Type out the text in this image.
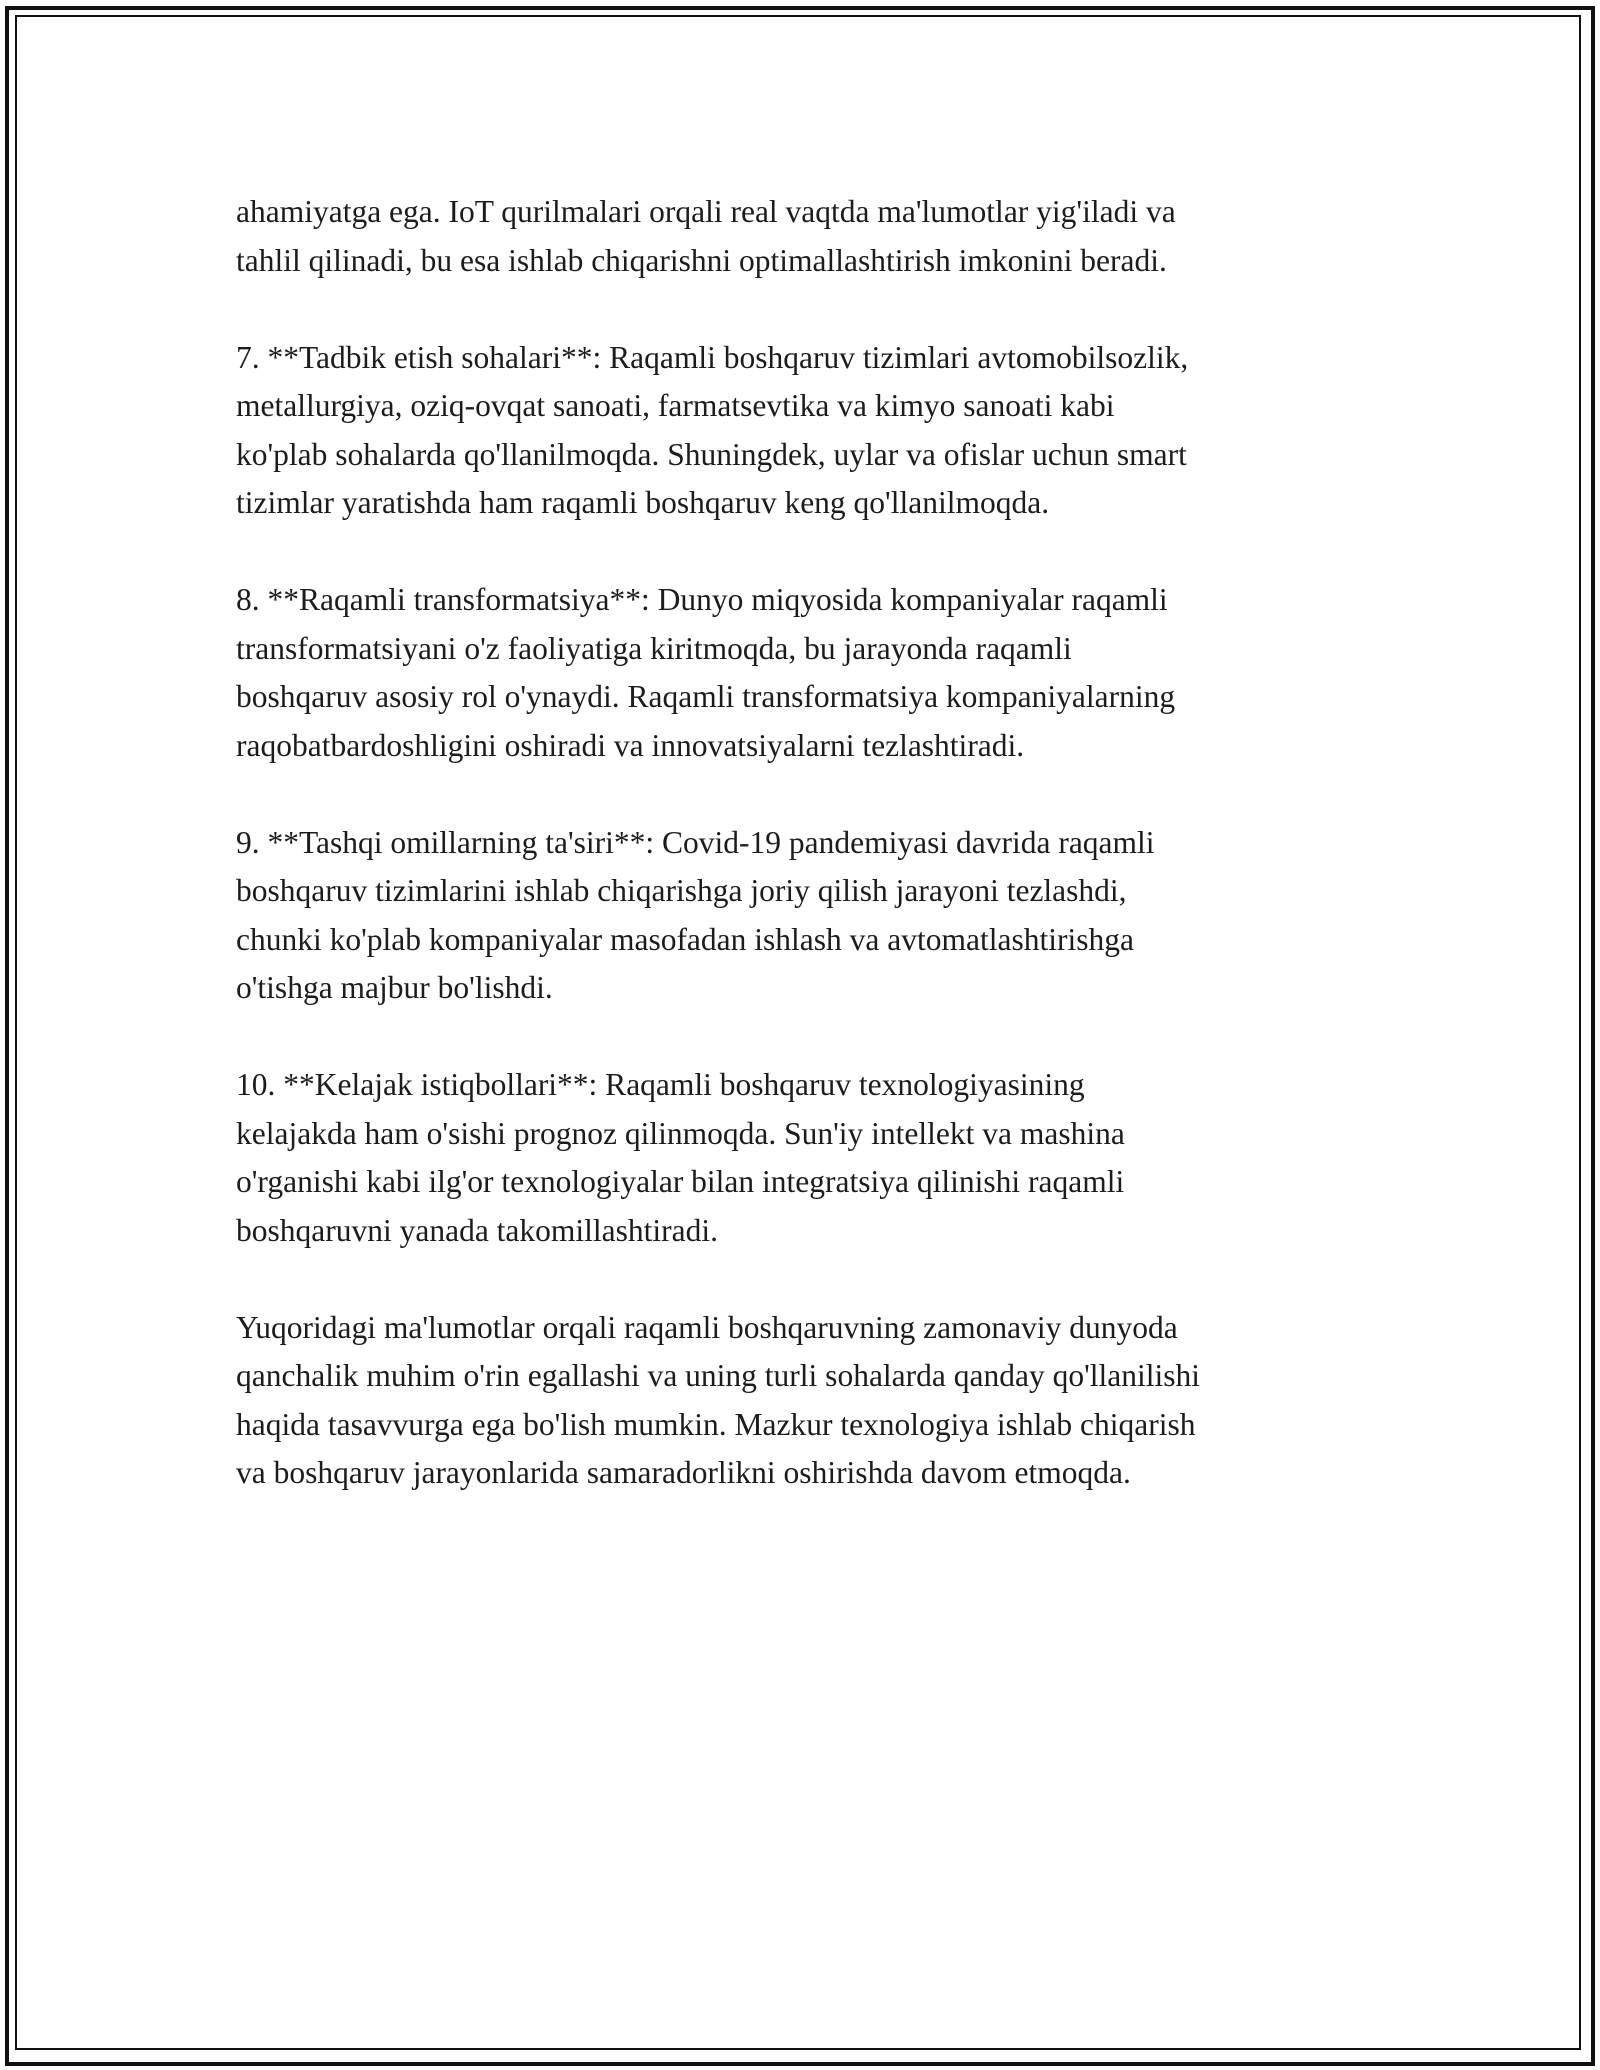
ahamiyatga ega. IoT qurilmalari orqali real vaqtda ma'lumotlar yig'iladi va
tahlil qilinadi, bu esa ishlab chiqarishni optimallashtirish imkonini beradi.

7. **Tadbik etish sohalari**: Raqamli boshqaruv tizimlari avtomobilsozlik,
metallurgiya, oziq-ovqat sanoati, farmatsevtika va kimyo sanoati kabi
ko'plab sohalarda qo'llanilmoqda. Shuningdek, uylar va ofislar uchun smart
tizimlar yaratishda ham raqamli boshqaruv keng qo'llanilmoqda.

8. **Raqamli transformatsiya**: Dunyo miqyosida kompaniyalar raqamli
transformatsiyani o'z faoliyatiga kiritmoqda, bu jarayonda raqamli
boshqaruv asosiy rol o'ynaydi. Raqamli transformatsiya kompaniyalarning
raqobatbardoshligini oshiradi va innovatsiyalarni tezlashtiradi.

9. **Tashqi omillarning ta'siri**: Covid-19 pandemiyasi davrida raqamli
boshqaruv tizimlarini ishlab chiqarishga joriy qilish jarayoni tezlashdi,
chunki ko'plab kompaniyalar masofadan ishlash va avtomatlashtirishga
o'tishga majbur bo'lishdi.

10. **Kelajak istiqbollari**: Raqamli boshqaruv texnologiyasining
kelajakda ham o'sishi prognoz qilinmoqda. Sun'iy intellekt va mashina
o'rganishi kabi ilg'or texnologiyalar bilan integratsiya qilinishi raqamli
boshqaruvni yanada takomillashtiradi.

Yuqoridagi ma'lumotlar orqali raqamli boshqaruvning zamonaviy dunyoda
qanchalik muhim o'rin egallashi va uning turli sohalarda qanday qo'llanilishi
haqida tasavvurga ega bo'lish mumkin. Mazkur texnologiya ishlab chiqarish
va boshqaruv jarayonlarida samaradorlikni oshirishda davom etmoqda.
